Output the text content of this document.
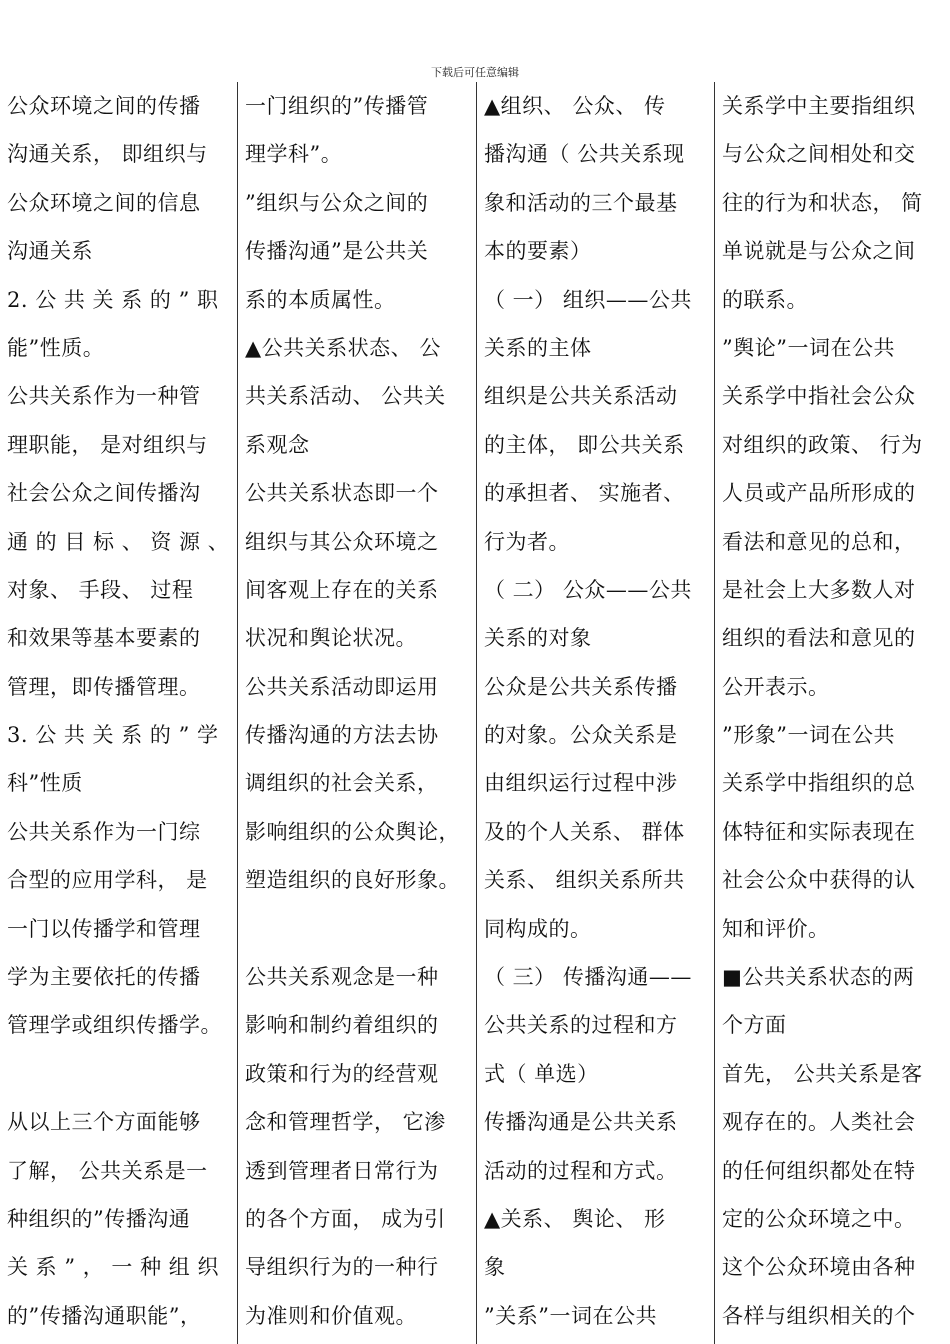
下载后可任意编辑
公众环境之间的传播
沟通关系， 即组织与
公众环境之间的信息
沟通关系
2. 公 共 关 系 的 ” 职
能”性质。
公共关系作为一种管
理职能， 是对组织与
社会公众之间传播沟
通 的 目 标 、 资 源 、
对象、 手段、 过程
和效果等基本要素的
管理，即传播管理。
3. 公 共 关 系 的 ” 学
科”性质
公共关系作为一门综
合型的应用学科， 是
一门以传播学和管理
学为主要依托的传播
管理学或组织传播学。
从以上三个方面能够
了解， 公共关系是一
种组织的”传播沟通
关 系 ” ， 一 种 组 织
的”传播沟通职能”，
一门组织的”传播管
理学科”。
”组织与公众之间的
传播沟通”是公共关
系的本质属性。
▲公共关系状态、 公
共关系活动、 公共关
系观念
公共关系状态即一个
组织与其公众环境之
间客观上存在的关系
状况和舆论状况。
公共关系活动即运用
传播沟通的方法去协
调组织的社会关系，
影响组织的公众舆论，
塑造组织的良好形象。
公共关系观念是一种
影响和制约着组织的
政策和行为的经营观
念和管理哲学， 它渗
透到管理者日常行为
的各个方面， 成为引
导组织行为的一种行
为准则和价值观。
▲组织、 公众、 传
播沟通（ 公共关系现
象和活动的三个最基
本的要素）
（ 一） 组织——公共
关系的主体
组织是公共关系活动
的主体， 即公共关系
的承担者、 实施者、
行为者。
（ 二） 公众——公共
关系的对象
公众是公共关系传播
的对象。公众关系是
由组织运行过程中涉
及的个人关系、 群体
关系、 组织关系所共
同构成的。
（ 三） 传播沟通——
公共关系的过程和方
式（ 单选）
传播沟通是公共关系
活动的过程和方式。
▲关系、 舆论、 形
象
”关系”一词在公共
关系学中主要指组织
与公众之间相处和交
往的行为和状态， 简
单说就是与公众之间
的联系。
”舆论”一词在公共
关系学中指社会公众
对组织的政策、 行为
人员或产品所形成的
看法和意见的总和，
是社会上大多数人对
组织的看法和意见的
公开表示。
”形象”一词在公共
关系学中指组织的总
体特征和实际表现在
社会公众中获得的认
知和评价。
■公共关系状态的两
个方面
首先， 公共关系是客
观存在的。人类社会
的任何组织都处在特
定的公众环境之中。
这个公众环境由各种
各样与组织相关的个
